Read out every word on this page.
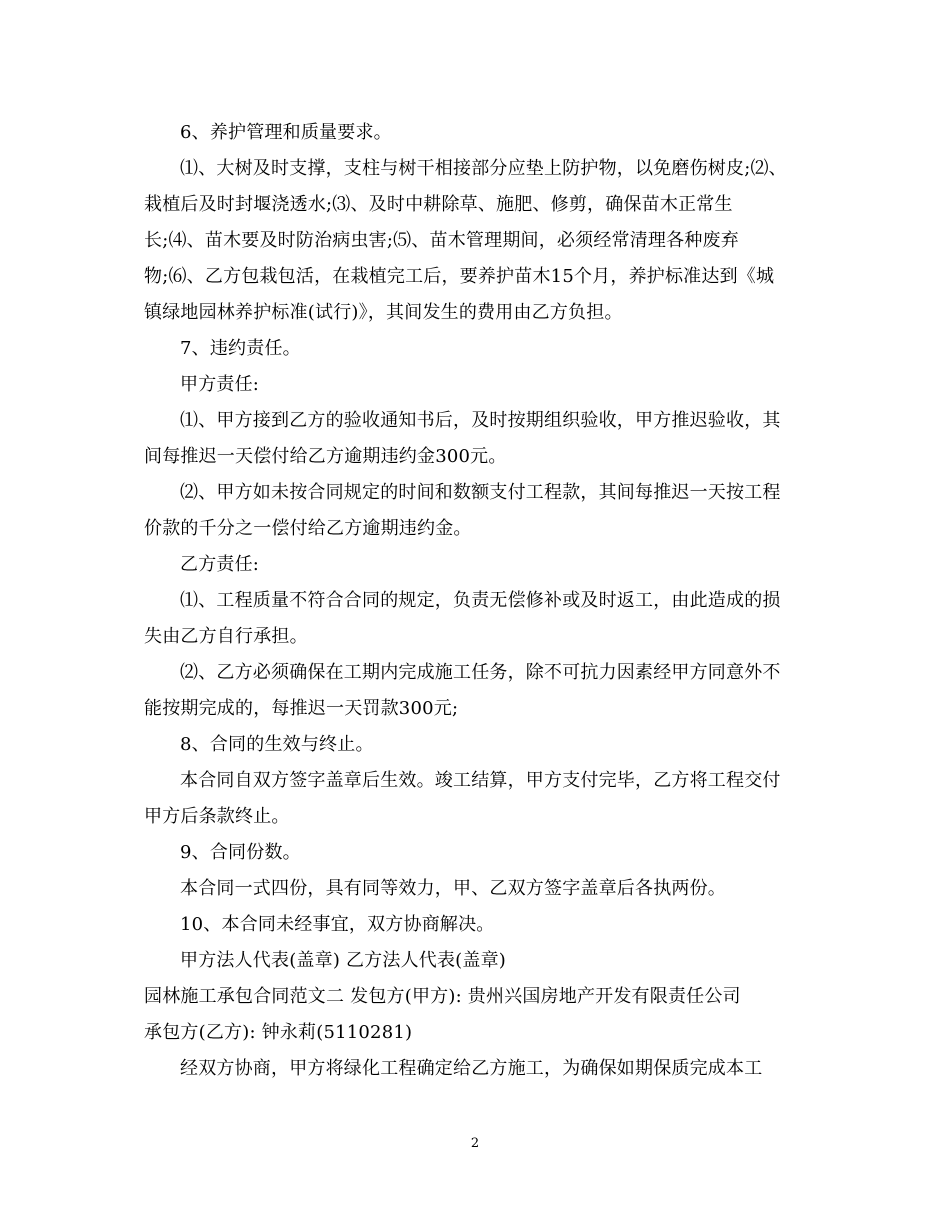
6、养护管理和质量要求。
⑴、大树及时支撑，支柱与树干相接部分应垫上防护物，以免磨伤树皮;⑵、
栽植后及时封堰浇透水;⑶、及时中耕除草、施肥、修剪，确保苗木正常生
长;⑷、苗木要及时防治病虫害;⑸、苗木管理期间，必须经常清理各种废弃
物;⑹、乙方包栽包活，在栽植完工后，要养护苗木15个月，养护标准达到《城
镇绿地园林养护标准(试行)》，其间发生的费用由乙方负担。
7、违约责任。
甲方责任:
⑴、甲方接到乙方的验收通知书后，及时按期组织验收，甲方推迟验收，其
间每推迟一天偿付给乙方逾期违约金300元。
⑵、甲方如未按合同规定的时间和数额支付工程款，其间每推迟一天按工程
价款的千分之一偿付给乙方逾期违约金。
乙方责任:
⑴、工程质量不符合合同的规定，负责无偿修补或及时返工，由此造成的损
失由乙方自行承担。
⑵、乙方必须确保在工期内完成施工任务，除不可抗力因素经甲方同意外不
能按期完成的，每推迟一天罚款300元;
8、合同的生效与终止。
本合同自双方签字盖章后生效。竣工结算，甲方支付完毕，乙方将工程交付
甲方后条款终止。
9、合同份数。
本合同一式四份，具有同等效力，甲、乙双方签字盖章后各执两份。
10、本合同未经事宜，双方协商解决。
甲方法人代表(盖章) 乙方法人代表(盖章)
园林施工承包合同范文二 发包方(甲方): 贵州兴国房地产开发有限责任公司
承包方(乙方): 钟永莉(5110281)
经双方协商，甲方将绿化工程确定给乙方施工，为确保如期保质完成本工
2
